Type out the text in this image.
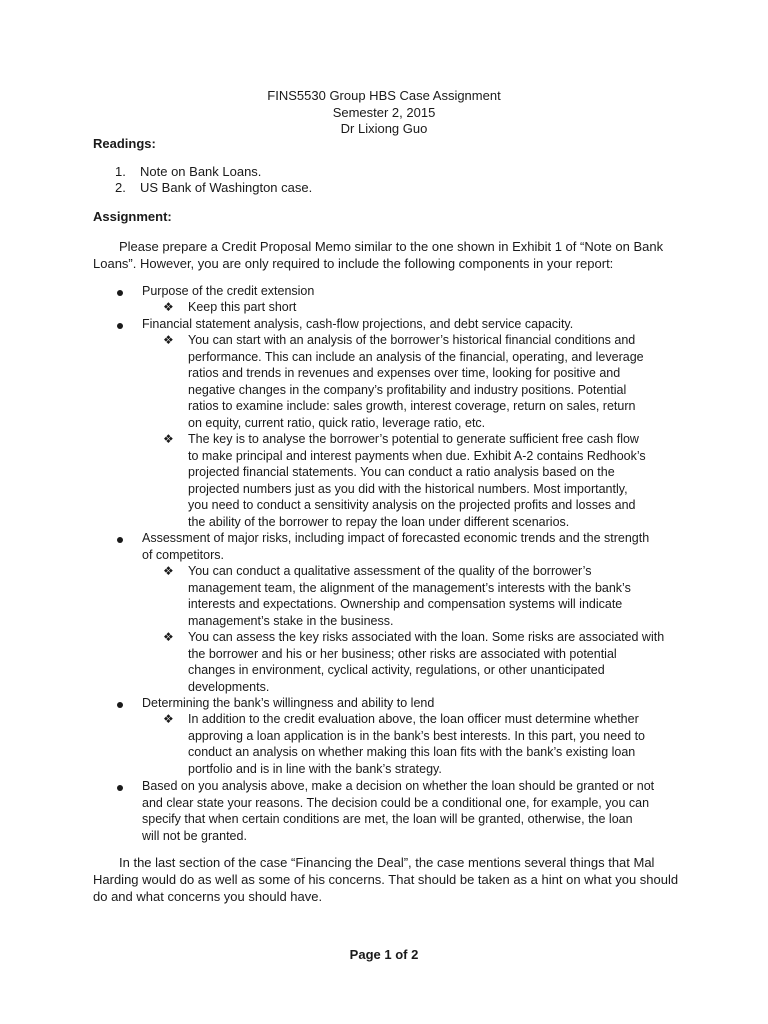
FINS5530 Group HBS Case Assignment
Semester 2, 2015
Dr Lixiong Guo
Readings:
1. Note on Bank Loans.
2. US Bank of Washington case.
Assignment:
Please prepare a Credit Proposal Memo similar to the one shown in Exhibit 1 of “Note on Bank
Loans”. However, you are only required to include the following components in your report:
Purpose of the credit extension
❖ Keep this part short
Financial statement analysis, cash-flow projections, and debt service capacity.
❖ You can start with an analysis of the borrower’s historical financial conditions and
performance. This can include an analysis of the financial, operating, and leverage
ratios and trends in revenues and expenses over time, looking for positive and
negative changes in the company’s profitability and industry positions. Potential
ratios to examine include: sales growth, interest coverage, return on sales, return
on equity, current ratio, quick ratio, leverage ratio, etc.
❖ The key is to analyse the borrower’s potential to generate sufficient free cash flow
to make principal and interest payments when due. Exhibit A-2 contains Redhook’s
projected financial statements. You can conduct a ratio analysis based on the
projected numbers just as you did with the historical numbers. Most importantly,
you need to conduct a sensitivity analysis on the projected profits and losses and
the ability of the borrower to repay the loan under different scenarios.
Assessment of major risks, including impact of forecasted economic trends and the strength
of competitors.
❖ You can conduct a qualitative assessment of the quality of the borrower’s
management team, the alignment of the management’s interests with the bank’s
interests and expectations. Ownership and compensation systems will indicate
management’s stake in the business.
❖ You can assess the key risks associated with the loan. Some risks are associated with
the borrower and his or her business; other risks are associated with potential
changes in environment, cyclical activity, regulations, or other unanticipated
developments.
Determining the bank’s willingness and ability to lend
❖ In addition to the credit evaluation above, the loan officer must determine whether
approving a loan application is in the bank’s best interests. In this part, you need to
conduct an analysis on whether making this loan fits with the bank’s existing loan
portfolio and is in line with the bank’s strategy.
Based on you analysis above, make a decision on whether the loan should be granted or not
and clear state your reasons. The decision could be a conditional one, for example, you can
specify that when certain conditions are met, the loan will be granted, otherwise, the loan
will not be granted.
In the last section of the case “Financing the Deal”, the case mentions several things that Mal
Harding would do as well as some of his concerns. That should be taken as a hint on what you should
do and what concerns you should have.
Page 1 of 2
